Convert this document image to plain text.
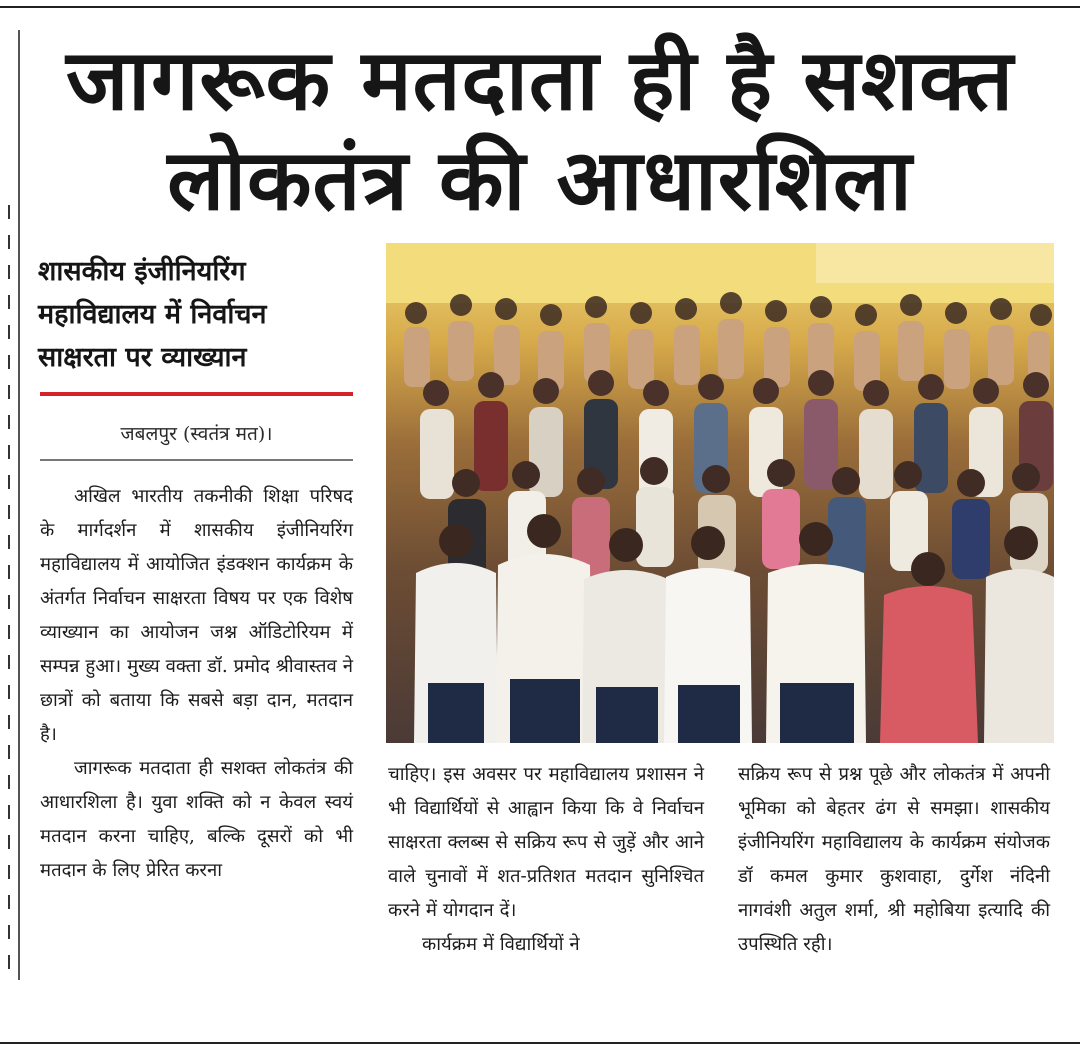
जागरूक मतदाता ही है सशक्त
लोकतंत्र की आधारशिला
शासकीय इंजीनियरिंग
महाविद्यालय में निर्वाचन
साक्षरता पर व्याख्यान
जबलपुर (स्वतंत्र मत)।

अखिल भारतीय तकनीकी शिक्षा परिषद के मार्गदर्शन में शासकीय इंजीनियरिंग महाविद्यालय में आयोजित इंडक्शन कार्यक्रम के अंतर्गत निर्वाचन साक्षरता विषय पर एक विशेष व्याख्यान का आयोजन जश्न ऑडिटोरियम में सम्पन्न हुआ। मुख्य वक्ता डॉ. प्रमोद श्रीवास्तव ने छात्रों को बताया कि सबसे बड़ा दान, मतदान है।

जागरूक मतदाता ही सशक्त लोकतंत्र की आधारशिला है। युवा शक्ति को न केवल स्वयं मतदान करना चाहिए, बल्कि दूसरों को भी मतदान के लिए प्रेरित करना

चाहिए। इस अवसर पर महाविद्यालय प्रशासन ने भी विद्यार्थियों से आह्वान किया कि वे निर्वाचन साक्षरता क्लब्स से सक्रिय रूप से जुड़ें और आने वाले चुनावों में शत-प्रतिशत मतदान सुनिश्चित करने में योगदान दें।

कार्यक्रम में विद्यार्थियों ने

सक्रिय रूप से प्रश्न पूछे और लोकतंत्र में अपनी भूमिका को बेहतर ढंग से समझा। शासकीय इंजीनियरिंग महाविद्यालय के कार्यक्रम संयोजक डॉ कमल कुमार कुशवाहा, दुर्गेश नंदिनी नागवंशी अतुल शर्मा, श्री महोबिया इत्यादि की उपस्थिति रही।
